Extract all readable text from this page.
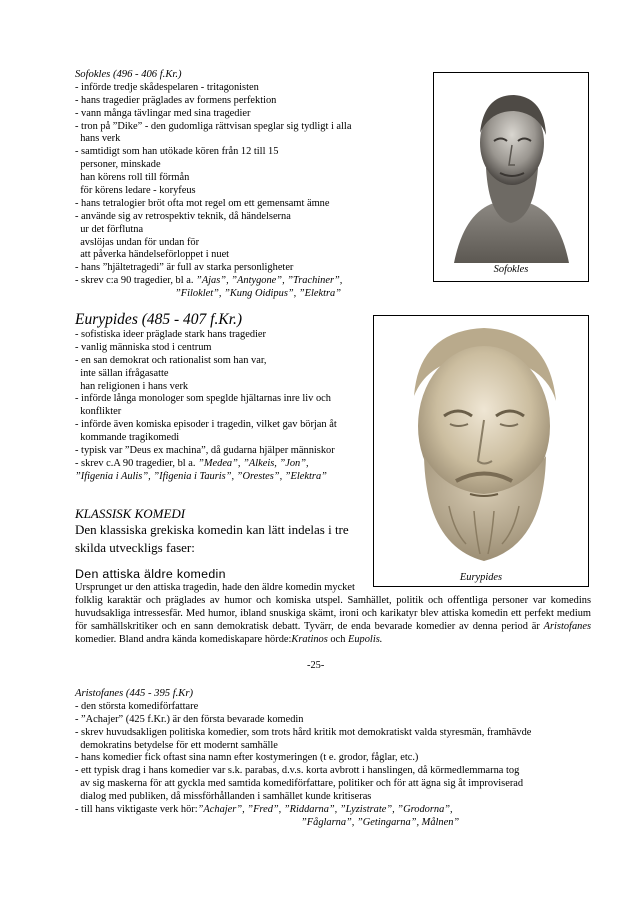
Sofokles (496 - 406 f.Kr.)
- införde tredje skådespelaren - tritagonisten
- hans tragedier präglades av formens perfektion
- vann många tävlingar med sina tragedier
- tron på ”Dike” - den gudomliga rättvisan speglar sig tydligt i alla
hans verk
- samtidigt som han utökade kören från 12 till 15
personer, minskade
han körens roll till förmån
för körens ledare - koryfeus
- hans tetralogier bröt ofta mot regel om ett gemensamt ämne
- använde sig av retrospektiv teknik, då händelserna
ur det förflutna
avslöjas undan för undan för
att påverka händelseförloppet i nuet
- hans ”hjältetragedi” är full av starka personligheter
- skrev c:a 90 tragedier, bl a. ”Ajas”, ”Antygone”, ”Trachiner”,
”Filoklet”, ”Kung Oidipus”, ”Elektra”
Sofokles
Eurypides (485 - 407 f.Kr.)
- sofistiska ideer präglade stark hans tragedier
- vanlig människa stod i centrum
- en san demokrat och rationalist som han var,
inte sällan ifrågasatte
han religionen i hans verk
- införde långa monologer som speglde hjältarnas inre liv och
konflikter
- införde även komiska episoder i tragedin, vilket gav början åt
kommande tragikomedi
- typisk var ”Deus ex machina”, då gudarna hjälper människor
- skrev c.A 90 tragedier, bl a. ”Medea”, ”Alkeis, ”Jon”,
”Ifigenia i Aulis”, ”Ifigenia i Tauris”, ”Orestes”, ”Elektra”
Eurypides
KLASSISK KOMEDI
Den klassiska grekiska komedin kan lätt indelas i tre
skilda utveckligs faser:
Den attiska äldre komedin
Ursprunget ur den attiska tragedin, hade den äldre komedin mycket
folklig karaktär och präglades av humor och komiska utspel. Samhället, politik och offentliga personer var komedins huvudsakliga intressesfär. Med humor, ibland snuskiga skämt, ironi och karikatyr blev attiska komedin ett perfekt medium för samhällskritiker och en sann demokratisk debatt. Tyvärr, de enda bevarade komedier av denna period är Aristofanes  komedier. Bland andra kända komediskapare hörde:Kratinos och Eupolis.
-25-
Aristofanes (445 - 395 f.Kr)
- den största komediförfattare
- ”Achajer” (425 f.Kr.) är den första bevarade komedin
- skrev huvudsakligen politiska komedier, som trots hård kritik mot demokratiskt valda styresmän, framhävde
demokratins betydelse för ett modernt samhälle
- hans komedier fick oftast sina namn efter kostymeringen (t e. grodor, fåglar, etc.)
- ett typisk drag i hans komedier var s.k. parabas, d.v.s. korta avbrott i hanslingen, då körmedlemmarna tog
av sig maskerna för att gyckla med samtida komediförfattare, politiker och för att ägna sig åt improviserad
dialog med publiken, då missförhållanden i samhället kunde kritiseras
- till hans viktigaste verk hör:”Achajer”, ”Fred”, ”Riddarna”, ”Lyzistrate”, ”Grodorna”,
”Fåglarna”, ”Getingarna”, Målnen”
